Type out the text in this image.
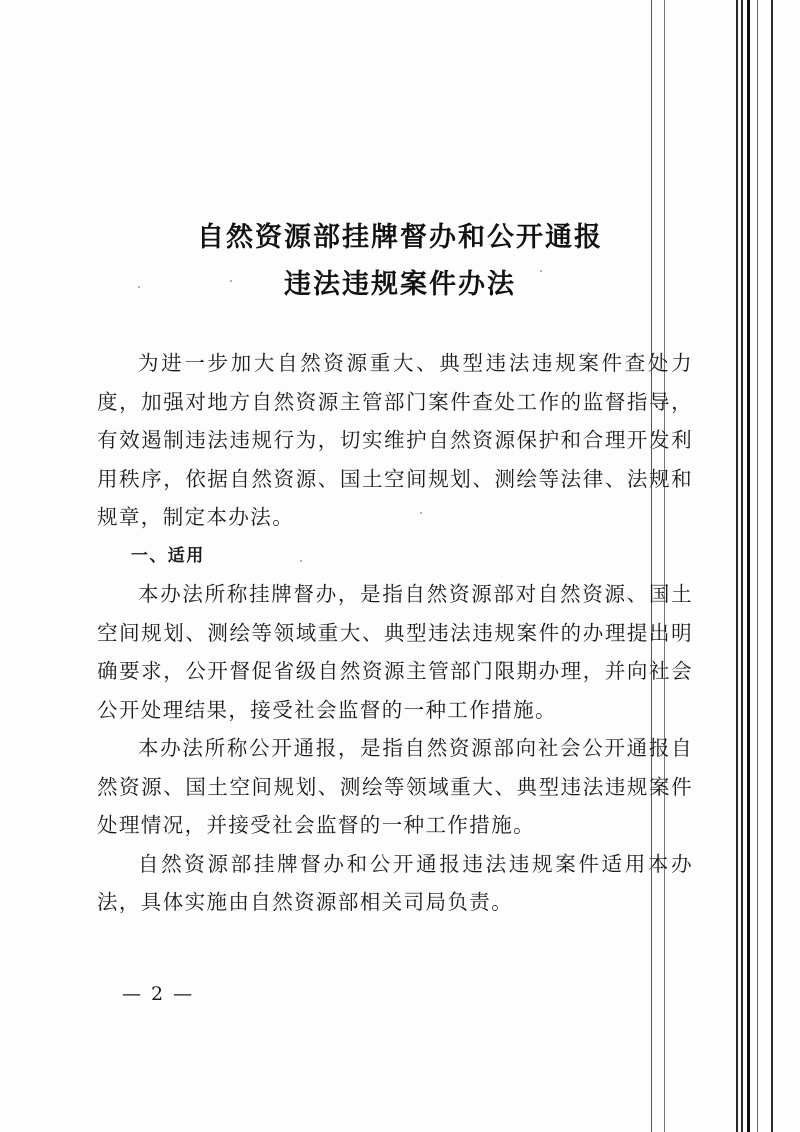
自然资源部挂牌督办和公开通报
违法违规案件办法

为进一步加大自然资源重大、典型违法违规案件查处力度，加强对地方自然资源主管部门案件查处工作的监督指导，有效遏制违法违规行为，切实维护自然资源保护和合理开发利用秩序，依据自然资源、国土空间规划、测绘等法律、法规和规章，制定本办法。

一、适用

本办法所称挂牌督办，是指自然资源部对自然资源、国土空间规划、测绘等领域重大、典型违法违规案件的办理提出明确要求，公开督促省级自然资源主管部门限期办理，并向社会公开处理结果，接受社会监督的一种工作措施。

本办法所称公开通报，是指自然资源部向社会公开通报自然资源、国土空间规划、测绘等领域重大、典型违法违规案件处理情况，并接受社会监督的一种工作措施。

自然资源部挂牌督办和公开通报违法违规案件适用本办法，具体实施由自然资源部相关司局负责。

— 2 —
